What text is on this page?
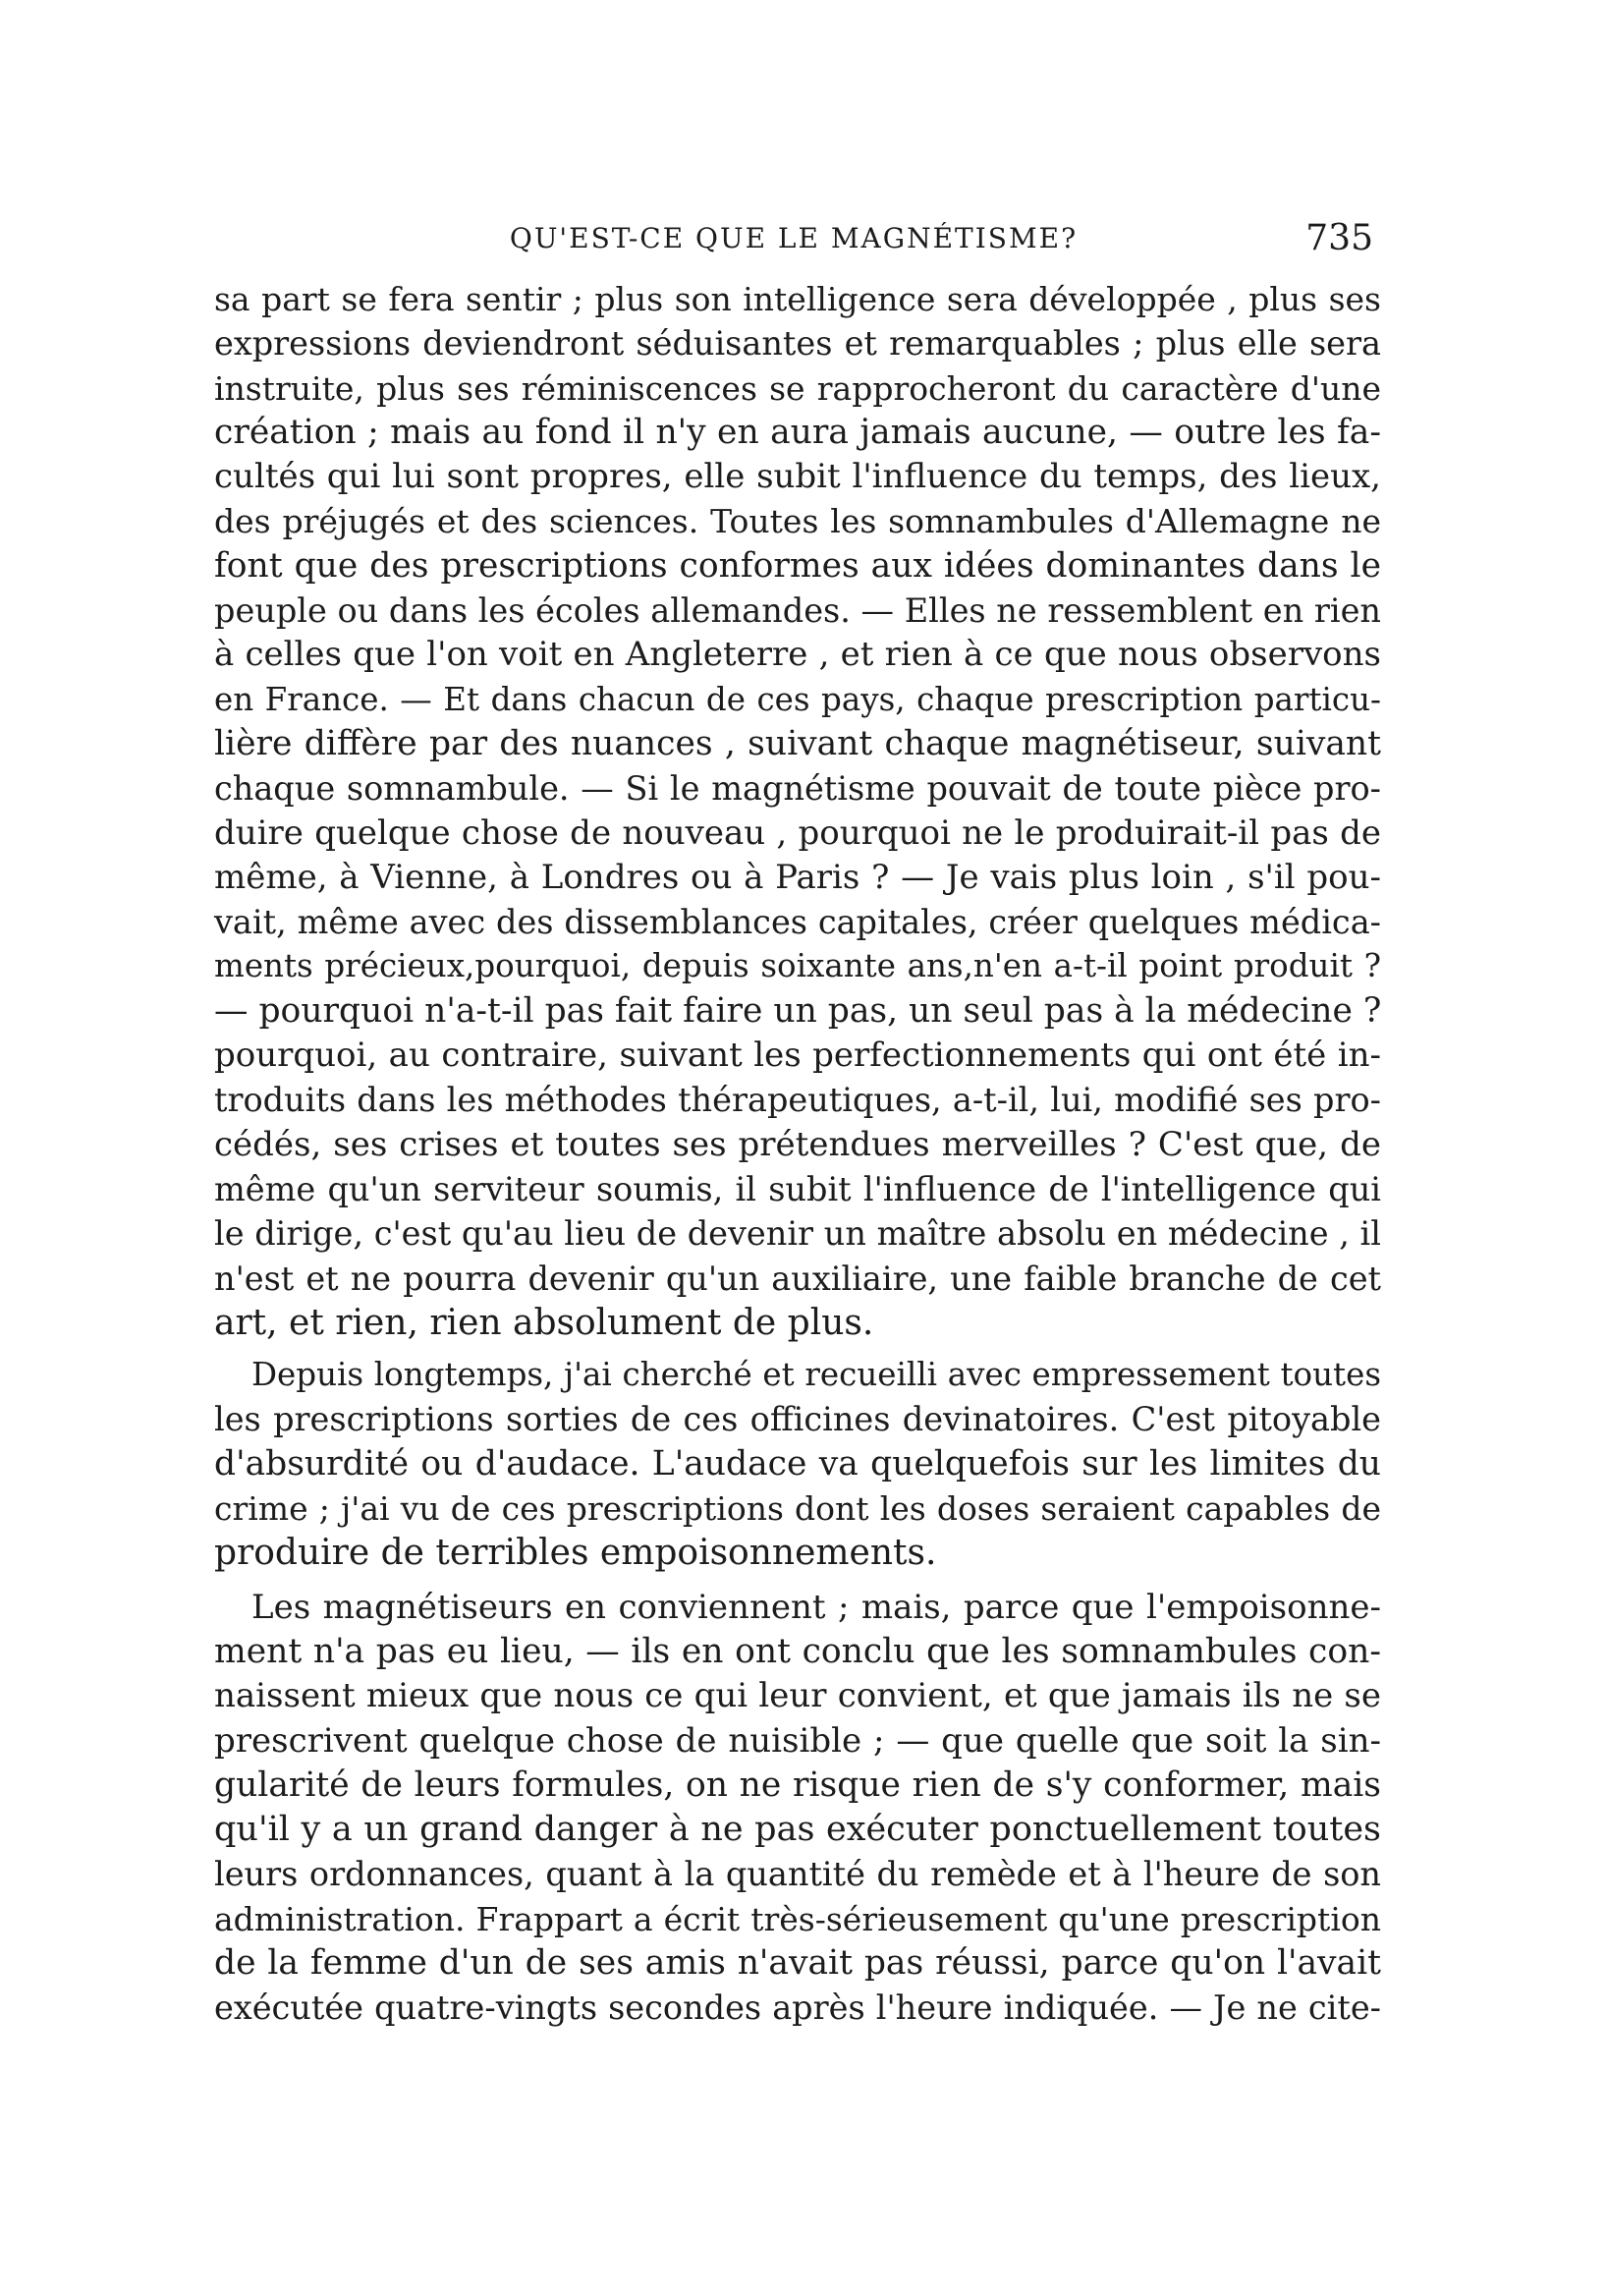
QU'EST-CE QUE LE MAGNÉTISME?	735
sa part se fera sentir ; plus son intelligence sera développée , plus ses
expressions deviendront séduisantes et remarquables ; plus elle sera
instruite, plus ses réminiscences se rapprocheront du caractère d'une
création ; mais au fond il n'y en aura jamais aucune, — outre les fa-
cultés qui lui sont propres, elle subit l'influence du temps, des lieux,
des préjugés et des sciences. Toutes les somnambules d'Allemagne ne
font que des prescriptions conformes aux idées dominantes dans le
peuple ou dans les écoles allemandes. — Elles ne ressemblent en rien
à celles que l'on voit en Angleterre , et rien à ce que nous observons
en France. — Et dans chacun de ces pays, chaque prescription particu-
lière diffère par des nuances , suivant chaque magnétiseur, suivant
chaque somnambule. — Si le magnétisme pouvait de toute pièce pro-
duire quelque chose de nouveau , pourquoi ne le produirait-il pas de
même, à Vienne, à Londres ou à Paris ? — Je vais plus loin , s'il pou-
vait, même avec des dissemblances capitales, créer quelques médica-
ments précieux,pourquoi, depuis soixante ans,n'en a-t-il point produit ?
— pourquoi n'a-t-il pas fait faire un pas, un seul pas à la médecine ?
pourquoi, au contraire, suivant les perfectionnements qui ont été in-
troduits dans les méthodes thérapeutiques, a-t-il, lui, modifié ses pro-
cédés, ses crises et toutes ses prétendues merveilles ? C'est que, de
même qu'un serviteur soumis, il subit l'influence de l'intelligence qui
le dirige, c'est qu'au lieu de devenir un maître absolu en médecine , il
n'est et ne pourra devenir qu'un auxiliaire, une faible branche de cet
art, et rien, rien absolument de plus.
Depuis longtemps, j'ai cherché et recueilli avec empressement toutes
les prescriptions sorties de ces officines devinatoires. C'est pitoyable
d'absurdité ou d'audace. L'audace va quelquefois sur les limites du
crime ; j'ai vu de ces prescriptions dont les doses seraient capables de
produire de terribles empoisonnements.
Les magnétiseurs en conviennent ; mais, parce que l'empoisonne-
ment n'a pas eu lieu, — ils en ont conclu que les somnambules con-
naissent mieux que nous ce qui leur convient, et que jamais ils ne se
prescrivent quelque chose de nuisible ; — que quelle que soit la sin-
gularité de leurs formules, on ne risque rien de s'y conformer, mais
qu'il y a un grand danger à ne pas exécuter ponctuellement toutes
leurs ordonnances, quant à la quantité du remède et à l'heure de son
administration. Frappart a écrit très-sérieusement qu'une prescription
de la femme d'un de ses amis n'avait pas réussi, parce qu'on l'avait
exécutée quatre-vingts secondes après l'heure indiquée. — Je ne cite-
